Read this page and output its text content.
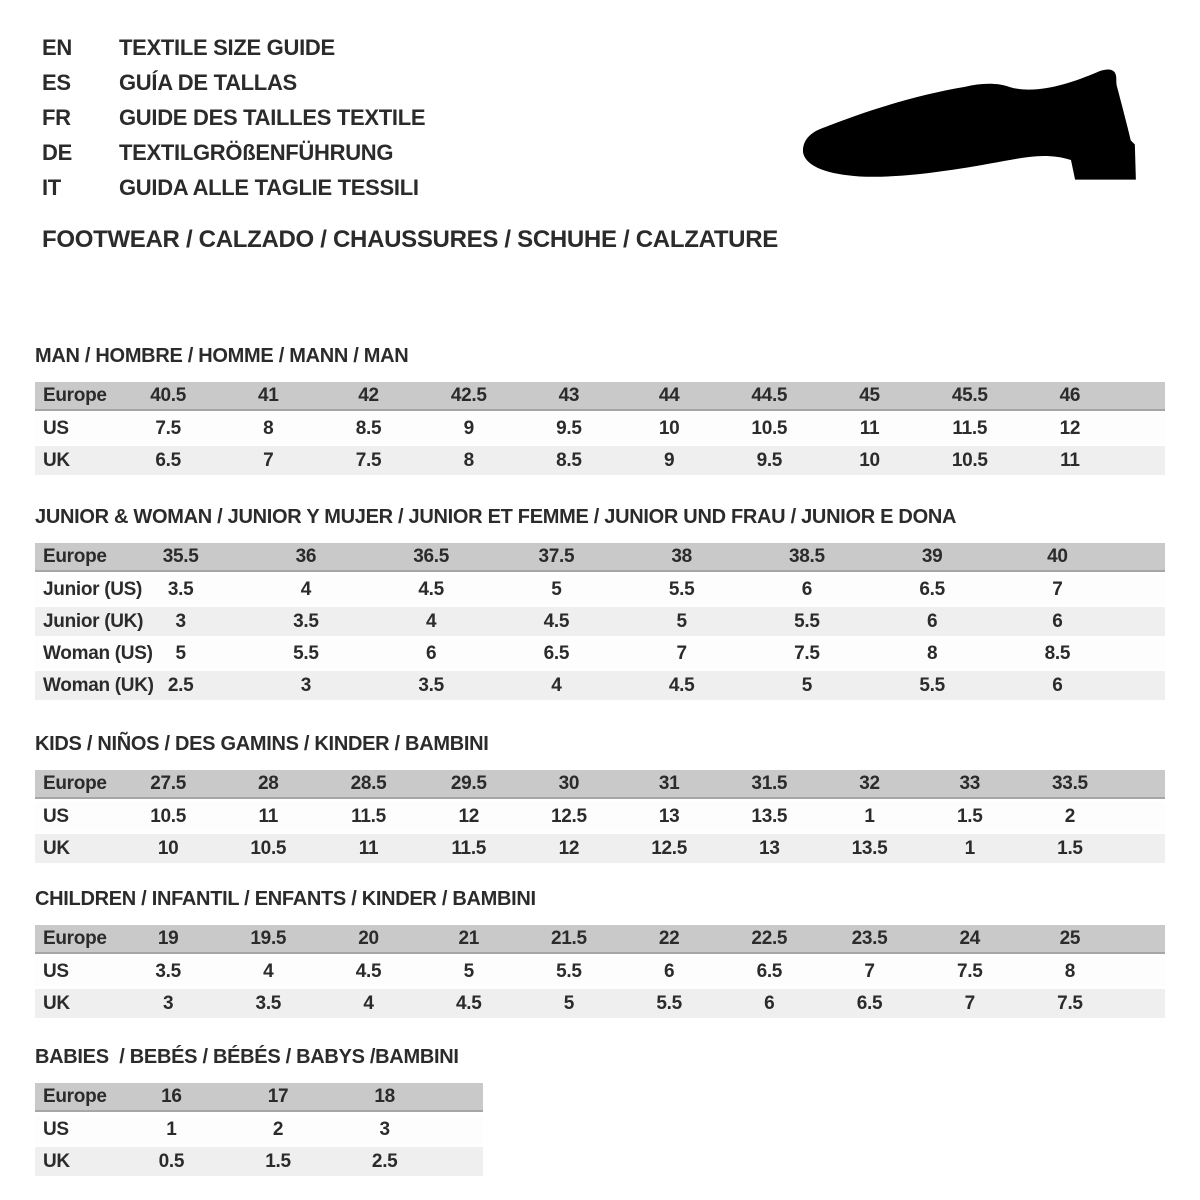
EN	TEXTILE SIZE GUIDE
ES	GUÍA DE TALLAS
FR	GUIDE DES TAILLES TEXTILE
DE	TEXTILGRÖßENFÜHRUNG
IT	GUIDA ALLE TAGLIE TESSILI
FOOTWEAR / CALZADO / CHAUSSURES / SCHUHE / CALZATURE
MAN / HOMBRE / HOMME / MANN / MAN
Europe	40.5	41	42	42.5	43	44	44.5	45	45.5	46
US	7.5	8	8.5	9	9.5	10	10.5	11	11.5	12
UK	6.5	7	7.5	8	8.5	9	9.5	10	10.5	11
JUNIOR & WOMAN / JUNIOR Y MUJER / JUNIOR ET FEMME / JUNIOR UND FRAU / JUNIOR E DONA
Europe	35.5	36	36.5	37.5	38	38.5	39	40
Junior (US)	3.5	4	4.5	5	5.5	6	6.5	7
Junior (UK)	3	3.5	4	4.5	5	5.5	6	6
Woman (US)	5	5.5	6	6.5	7	7.5	8	8.5
Woman (UK) 2.5	3	3.5	4	4.5	5	5.5	6
KIDS / NIÑOS / DES GAMINS / KINDER / BAMBINI
Europe	27.5	28	28.5	29.5	30	31	31.5	32	33	33.5
US	10.5	11	11.5	12	12.5	13	13.5	1	1.5	2
UK	10	10.5	11	11.5	12	12.5	13	13.5	1	1.5
CHILDREN / INFANTIL / ENFANTS / KINDER / BAMBINI
Europe	19	19.5	20	21	21.5	22	22.5	23.5	24	25
US	3.5	4	4.5	5	5.5	6	6.5	7	7.5	8
UK	3	3.5	4	4.5	5	5.5	6	6.5	7	7.5
BABIES  / BEBÉS / BÉBÉS / BABYS /BAMBINI
Europe	16	17	18
US	1	2	3
UK	0.5	1.5	2.5
